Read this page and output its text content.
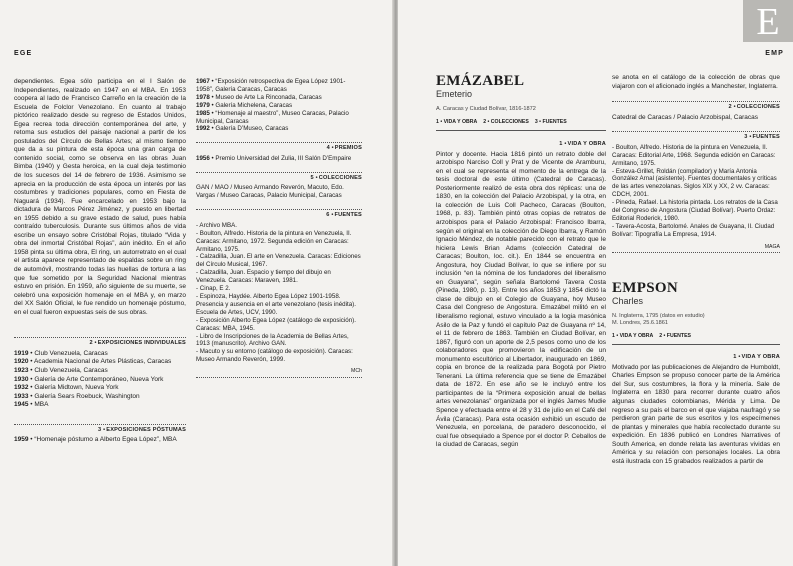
EGE

dependientes. Egea sólo participa en el I Salón de Independientes, realizado en 1947 en el MBA. En 1953 coopera al lado de Francisco Carreño en la creación de la Escuela de Folclor Venezolano. En cuanto al trabajo pictórico realizado desde su regreso de Estados Unidos, Egea recrea toda dirección contemporánea del arte, y retoma sus estudios del paisaje nacional a partir de los postulados del Círculo de Bellas Artes; al mismo tiempo que da a su pintura de esta época una gran carga de contenido social, como se observa en las obras Juan Bimba (1940) y Gesta heroica, en la cual deja testimonio de los sucesos del 14 de febrero de 1936. Asimismo se aprecia en la producción de esta época un interés por las costumbres y tradiciones populares, como en Fiesta de Naguará (1934). Fue encarcelado en 1953 bajo la dictadura de Marcos Pérez Jiménez, y puesto en libertad en 1955 debido a su grave estado de salud, pues había contraído tuberculosis. Durante sus últimos años de vida escribe un ensayo sobre Cristóbal Rojas, titulado “Vida y obra del inmortal Cristóbal Rojas”, aún inédito. En el año 1958 pinta su última obra, El ring, un autorretrato en el cual el artista aparece representado de espaldas sobre un ring de automóvil, mostrando todas las huellas de tortura a las que fue sometido por la Seguridad Nacional mientras estuvo en prisión. En 1959, año siguiente de su muerte, se celebró una exposición homenaje en el MBA y, en marzo del XX Salón Oficial, le fue rendido un homenaje póstumo, en el cual fueron expuestas seis de sus obras.

2 •EXPOSICIONES INDIVIDUALES
1919 • Club Venezuela, Caracas
1920 • Academia Nacional de Artes Plásticas, Caracas
1923 • Club Venezuela, Caracas
1930 • Galería de Arte Contemporáneo, Nueva York
1932 • Galería Midtown, Nueva York
1933 • Galería Sears Roebuck, Washington
1945 • MBA
3 •EXPOSICIONES PÓSTUMAS
1959 • “Homenaje póstumo a Alberto Egea López”, MBA
1967 • “Exposición retrospectiva de Egea López 1901-1958”, Galería Caracas, Caracas
1978 • Museo de Arte La Rinconada, Caracas
1979 • Galería Michelena, Caracas
1985 • “Homenaje al maestro”, Museo Caracas, Palacio Municipal, Caracas
1992 • Galería D’Museo, Caracas
4 •PREMIOS
1956 • Premio Universidad del Zulia, III Salón D’Empaire
5 •COLECCIONES
GAN / MAO / Museo Armando Reverón, Macuto, Edo. Vargas / Museo Caracas, Palacio Municipal, Caracas
6 •FUENTES
- Archivo MBA.
- Boulton, Alfredo. Historia de la pintura en Venezuela, II. Caracas: Armitano, 1972. Segunda edición en Caracas: Armitano, 1975.
- Calzadilla, Juan. El arte en Venezuela. Caracas: Ediciones del Círculo Musical, 1967.
- Calzadilla, Juan. Espacio y tiempo del dibujo en Venezuela. Caracas: Maraven, 1981.
- Cinap, E 2.
- Espinoza, Haydée. Alberto Egea López 1901-1958. Presencia y ausencia en el arte venezolano (tesis inédita). Escuela de Artes, UCV, 1990.
- Exposición Alberto Egea López (catálogo de exposición). Caracas: MBA, 1945.
- Libro de Inscripciones de la Academia de Bellas Artes, 1913 (manuscrito). Archivo GAN.
- Macuto y su entorno (catálogo de exposición). Caracas: Museo Armando Reverón, 1999.
MCh
E
EMP
EMÁZABEL
Emeterio
A. Caracas y Ciudad Bolívar, 1816-1872
1 • VIDA Y OBRA 2 • COLECCIONES 3 • FUENTES
1 •VIDA Y OBRA

Pintor y docente. Hacia 1816 pintó un retrato doble del arzobispo Narciso Coll y Prat y de Vicente de Aramburu, en el cual se representa el momento de la entrega de la tesis doctoral de este último (Catedral de Caracas). Posteriormente realizó de esta obra dos réplicas: una de 1830, en la colección del Palacio Arzobispal, y la otra, en la colección de Luis Coll Pacheco, Caracas (Boulton, 1968, p. 83). También pintó otras copias de retratos de arzobispos para el Palacio Arzobispal: Francisco Ibarra, según el original en la colección de Diego Ibarra, y Ramón Ignacio Méndez, de notable parecido con el retrato que le hiciera Lewis Brian Adams (colección Catedral de Caracas; Boulton, loc. cit.). En 1844 se encuentra en Angostura, hoy Ciudad Bolívar, lo que se infiere por su inclusión “en la nómina de los fundadores del liberalismo en Guayana”, según señala Bartolomé Tavera Costa (Pineda, 1980, p. 13). Entre los años 1853 y 1854 dictó la clase de dibujo en el Colegio de Guayana, hoy Museo Casa del Congreso de Angostura. Emazábel militó en el liberalismo regional, estuvo vinculado a la logia masónica Asilo de la Paz y fundó el capítulo Paz de Guayana nº 14, el 11 de febrero de 1863. También en Ciudad Bolívar, en 1867, figuró con un aporte de 2,5 pesos como uno de los colaboradores que promovieron la edificación de un monumento escultórico al Libertador, inaugurado en 1869, copia en bronce de la realizada para Bogotá por Pietro Tenerani. La última referencia que se tiene de Emazábel data de 1872. En ese año se le incluyó entre los participantes de la “Primera exposición anual de bellas artes venezolanas” organizada por el inglés James Mudie Spence y efectuada entre el 28 y 31 de julio en el Café del Ávila (Caracas). Para esta ocasión exhibió un escudo de Venezuela, en porcelana, de paradero desconocido, el cual fue obsequiado a Spence por el doctor P. Ceballos de la ciudad de Caracas, según

se anota en el catálogo de la colección de obras que viajaron con el aficionado inglés a Manchester, Inglaterra.

2 •COLECCIONES
Catedral de Caracas / Palacio Arzobispal, Caracas
3 •FUENTES
- Boulton, Alfredo. Historia de la pintura en Venezuela, II. Caracas: Editorial Arte, 1968. Segunda edición en Caracas: Armitano, 1975.
- Esteva-Grillet, Roldán (compilador) y María Antonia González Arnal (asistente). Fuentes documentales y críticas de las artes venezolanas. Siglos XIX y XX, 2 vv. Caracas: CDCH, 2001.
- Pineda, Rafael. La historia pintada. Los retratos de la Casa del Congreso de Angostura (Ciudad Bolívar). Puerto Ordaz: Editorial Roderick, 1980.
- Tavera-Acosta, Bartolomé. Anales de Guayana, II. Ciudad Bolívar: Tipografía La Empresa, 1914.
MAGA
EMPSON
Charles
N. Inglaterra, 1795 (datos en estudio)
M. Londres, 25.6.1861
1 • VIDA Y OBRA 2 • FUENTES
1 •VIDA Y OBRA

Motivado por las publicaciones de Alejandro de Humboldt, Charles Empson se propuso conocer parte de la América del Sur, sus costumbres, la flora y la minería. Sale de Inglaterra en 1830 para recorrer durante cuatro años algunas ciudades colombianas, Mérida y Lima. De regreso a su país el barco en el que viajaba naufragó y se perdieron gran parte de sus escritos y los especímenes de plantas y minerales que había recolectado durante su expedición. En 1836 publicó en Londres Narratives of South America, en donde relata las aventuras vividas en América y su relación con personajes locales. La obra está ilustrada con 15 grabados realizados a partir de
